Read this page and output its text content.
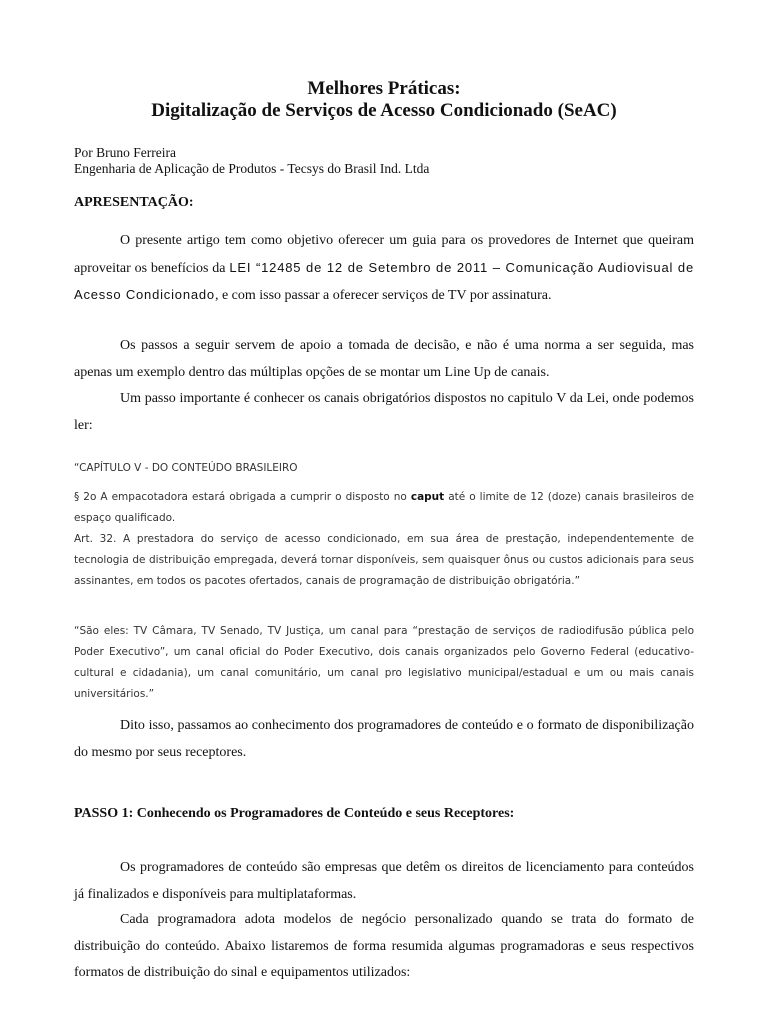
Melhores Práticas:
Digitalização de Serviços de Acesso Condicionado (SeAC)
Por Bruno Ferreira
Engenharia de Aplicação de Produtos - Tecsys do Brasil Ind. Ltda
APRESENTAÇÃO:
O presente artigo tem como objetivo oferecer um guia para os provedores de Internet que queiram aproveitar os benefícios da LEI “12485 de 12 de Setembro de 2011 – Comunicação Audiovisual de Acesso Condicionado, e com isso passar a oferecer serviços de TV por assinatura.
Os passos a seguir servem de apoio a tomada de decisão, e não é uma norma a ser seguida, mas apenas um exemplo dentro das múltiplas opções de se montar um Line Up de canais.
Um passo importante é conhecer os canais obrigatórios dispostos no capitulo V da Lei, onde podemos ler:
“CAPÍTULO V - DO CONTEÚDO BRASILEIRO
§ 2o A empacotadora estará obrigada a cumprir o disposto no caput até o limite de 12 (doze) canais brasileiros de espaço qualificado.
Art. 32. A prestadora do serviço de acesso condicionado, em sua área de prestação, independentemente de tecnologia de distribuição empregada, deverá tornar disponíveis, sem quaisquer ônus ou custos adicionais para seus assinantes, em todos os pacotes ofertados, canais de programação de distribuição obrigatória.”
“São eles: TV Câmara, TV Senado, TV Justiça, um canal para “prestação de serviços de radiodifusão pública pelo Poder Executivo”, um canal oficial do Poder Executivo, dois canais organizados pelo Governo Federal (educativo-cultural e cidadania), um canal comunitário, um canal pro legislativo municipal/estadual e um ou mais canais universitários.”
Dito isso, passamos ao conhecimento dos programadores de conteúdo e o formato de disponibilização do mesmo por seus receptores.
PASSO 1: Conhecendo os Programadores de Conteúdo e seus Receptores:
Os programadores de conteúdo são empresas que detêm os direitos de licenciamento para conteúdos já finalizados e disponíveis para multiplataformas.
Cada programadora adota modelos de negócio personalizado quando se trata do formato de distribuição do conteúdo. Abaixo listaremos de forma resumida algumas programadoras e seus respectivos formatos de distribuição do sinal e equipamentos utilizados:
